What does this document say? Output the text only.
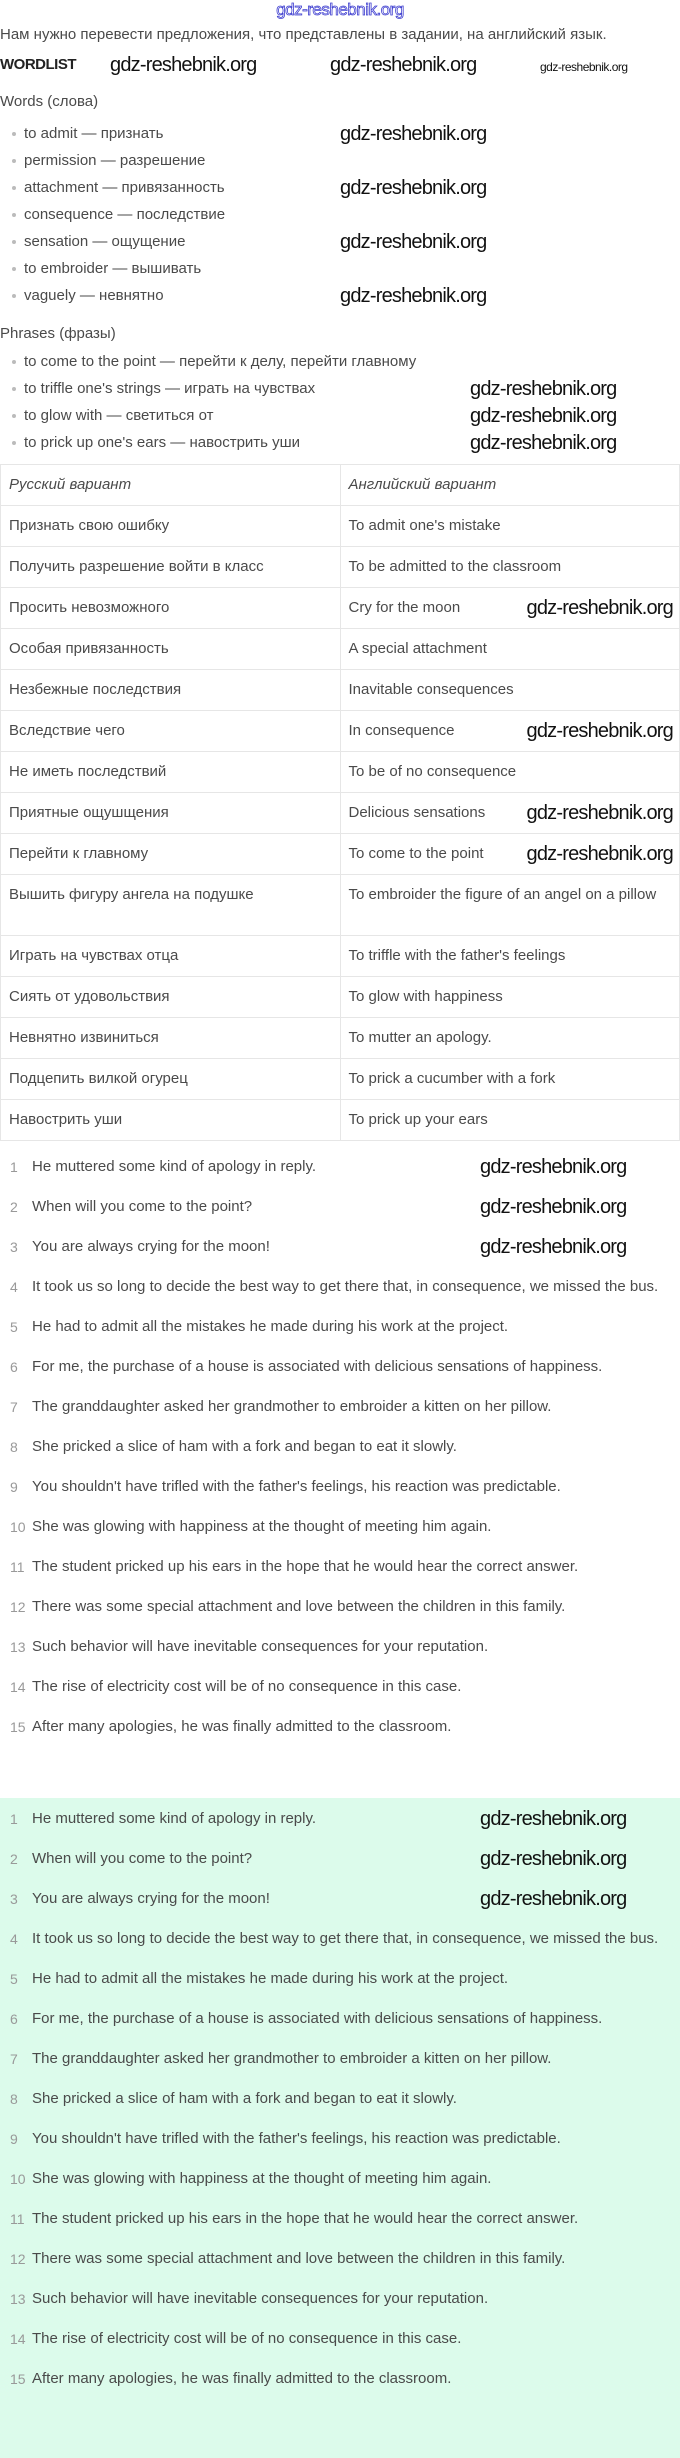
gdz-reshebnik.org
Нам нужно перевести предложения, что представлены в задании, на английский язык.
WORDLIST gdz-reshebnik.org	gdz-reshebnik.org	gdz-reshebnik.org
Words (слова)
to admit — признать	gdz-reshebnik.org
permission — разрешение
attachment — привязанность	gdz-reshebnik.org
consequence — последствие
sensation — ощущение	gdz-reshebnik.org
to embroider — вышивать
vaguely — невнятно	gdz-reshebnik.org
Phrases (фразы)
to come to the point — перейти к делу, перейти главному
to triffle one's strings — играть на чувствах	gdz-reshebnik.org
to glow with — светиться от	gdz-reshebnik.org
to prick up one's ears — навострить уши	gdz-reshebnik.org
Русский вариант	Английский вариант
Признать свою ошибку	To admit one's mistake
Получить разрешение войти в класс	To be admitted to the classroom
Просить невозможного	Cry for the moon gdz-reshebnik.org

Особая привязанность	A special attachment
Незбежные последствия	Inavitable consequences
Вследствие чего	In consequence gdz-reshebnik.org

Не иметь последствий	To be of no consequence
Приятные ощушщения	Delicious sensations gdz-reshebnik.org

Перейти к главному	To come to the point gdz-reshebnik.org

Вышить фигуру ангела на подушке	To embroider the figure of an angel on a pillow
Играть на чувствах отца	To triffle with the father's feelings
Сиять от удовольствия	To glow with happiness
Невнятно извиниться	To mutter an apology.
Подцепить вилкой огурец	To prick a cucumber with a fork
Навострить уши	To prick up your ears
1 He muttered some kind of apology in reply.	gdz-reshebnik.org
2 When will you come to the point?	gdz-reshebnik.org
3 You are always crying for the moon!	gdz-reshebnik.org
4 It took us so long to decide the best way to get there that, in consequence, we missed the bus.
5 He had to admit all the mistakes he made during his work at the project.
6 For me, the purchase of a house is associated with delicious sensations of happiness.
7 The granddaughter asked her grandmother to embroider a kitten on her pillow.
8 She pricked a slice of ham with a fork and began to eat it slowly.
9 You shouldn't have trifled with the father's feelings, his reaction was predictable.
10 She was glowing with happiness at the thought of meeting him again.
11 The student pricked up his ears in the hope that he would hear the correct answer.
12 There was some special attachment and love between the children in this family.
13 Such behavior will have inevitable consequences for your reputation.
14 The rise of electricity cost will be of no consequence in this case.
15 After many apologies, he was finally admitted to the classroom.
1 He muttered some kind of apology in reply.	gdz-reshebnik.org
2 When will you come to the point?	gdz-reshebnik.org
3 You are always crying for the moon!	gdz-reshebnik.org
4 It took us so long to decide the best way to get there that, in consequence, we missed the bus.
5 He had to admit all the mistakes he made during his work at the project.
6 For me, the purchase of a house is associated with delicious sensations of happiness.
7 The granddaughter asked her grandmother to embroider a kitten on her pillow.
8 She pricked a slice of ham with a fork and began to eat it slowly.
9 You shouldn't have trifled with the father's feelings, his reaction was predictable.
10 She was glowing with happiness at the thought of meeting him again.
11 The student pricked up his ears in the hope that he would hear the correct answer.
12 There was some special attachment and love between the children in this family.
13 Such behavior will have inevitable consequences for your reputation.
14 The rise of electricity cost will be of no consequence in this case.
15 After many apologies, he was finally admitted to the classroom.
